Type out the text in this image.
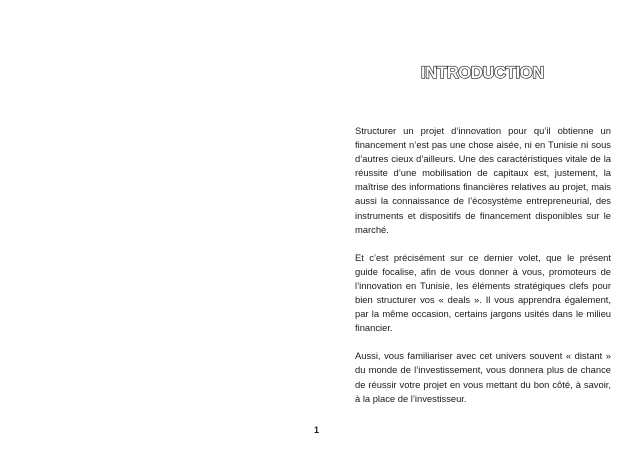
INTRODUCTION

Structurer un projet d’innovation pour qu’il obtienne un financement n’est pas une chose aisée, ni en Tunisie ni sous d’autres cieux d’ailleurs. Une des caractéristiques vitale de la réussite d’une mobilisation de capitaux est, justement, la maîtrise des informations financières relatives au projet, mais aussi la connaissance de l’écosystème entrepreneurial, des instruments et dispositifs de financement disponibles sur le marché.

Et c’est précisément sur ce dernier volet, que le présent guide focalise, afin de vous donner à vous, promoteurs de l’innovation en Tunisie, les éléments stratégiques clefs pour bien structurer vos « deals ». Il vous apprendra également, par la même occasion, certains jargons usités dans le milieu financier.

Aussi, vous familiariser avec cet univers souvent « distant » du monde de l’investissement, vous donnera plus de chance de réussir votre projet en vous mettant du bon côté, à savoir, à la place de l’investisseur.

1
